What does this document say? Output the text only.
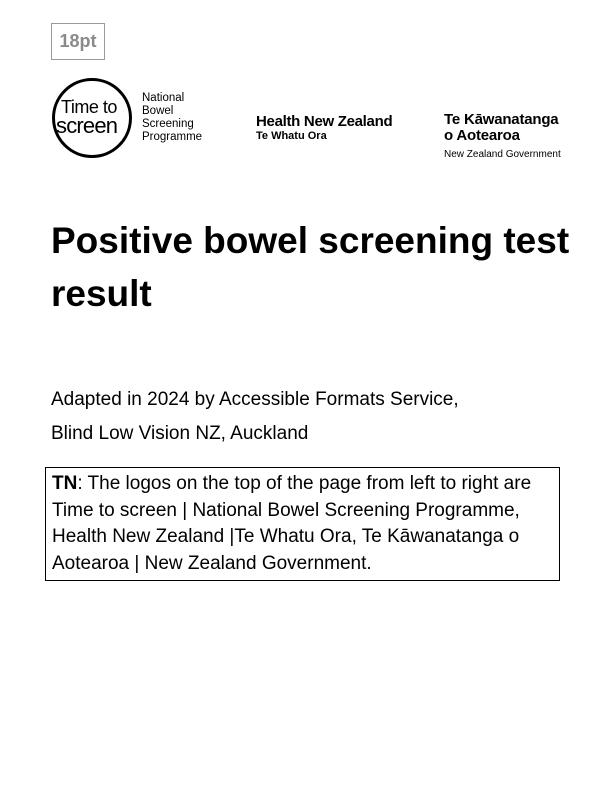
18pt
Time to
screen
National
Bowel
Screening
Programme
Health New Zealand
Te Whatu Ora
Te Kāwanatanga
o Aotearoa
New Zealand Government
Positive bowel screening test result
Adapted in 2024 by Accessible Formats Service,
Blind Low Vision NZ, Auckland
TN: The logos on the top of the page from left to right are
Time to screen | National Bowel Screening Programme,
Health New Zealand |Te Whatu Ora, Te Kāwanatanga o
Aotearoa | New Zealand Government.
